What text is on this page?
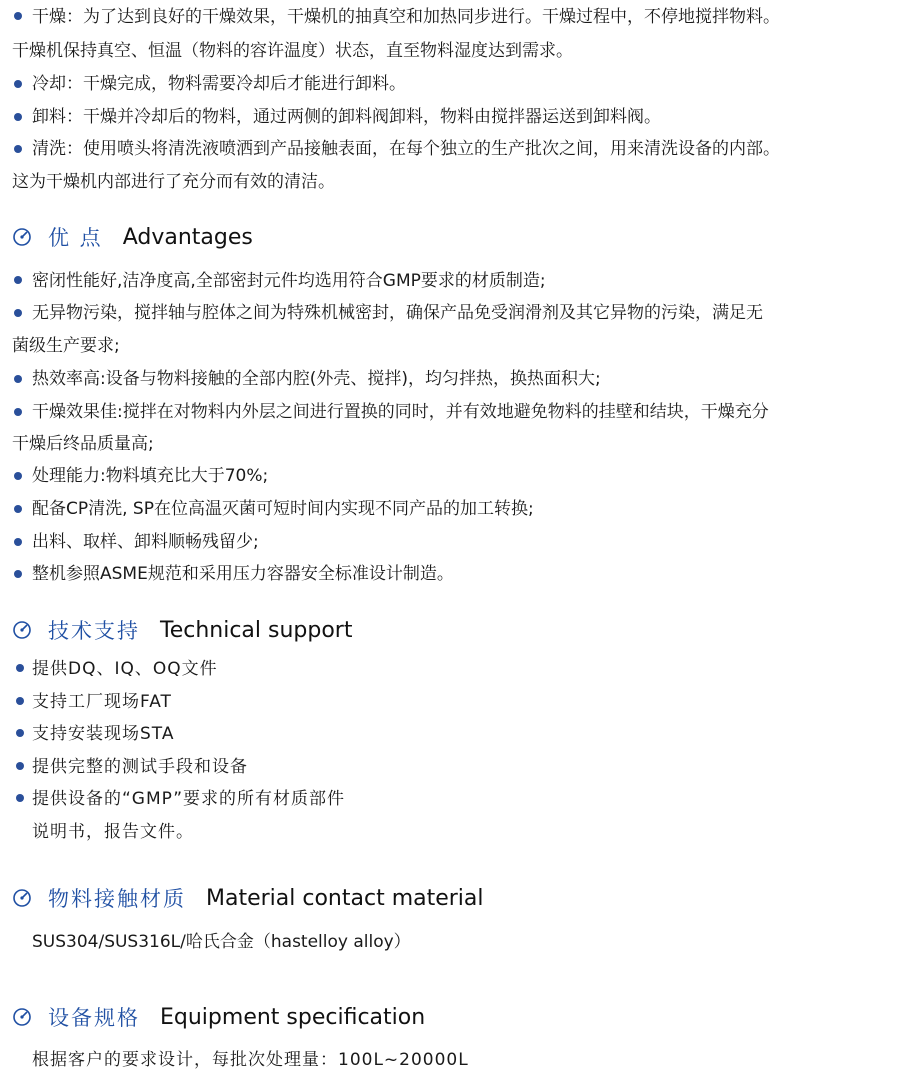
干燥：为了达到良好的干燥效果，干燥机的抽真空和加热同步进行。干燥过程中，不停地搅拌物料。
干燥机保持真空、恒温（物料的容许温度）状态，直至物料湿度达到需求。
冷却：干燥完成，物料需要冷却后才能进行卸料。
卸料：干燥并冷却后的物料，通过两侧的卸料阀卸料，物料由搅拌器运送到卸料阀。
清洗：使用喷头将清洗液喷洒到产品接触表面，在每个独立的生产批次之间，用来清洗设备的内部。
这为干燥机内部进行了充分而有效的清洁。
优 点 Advantages
密闭性能好,洁净度高,全部密封元件均选用符合GMP要求的材质制造;
无异物污染，搅拌轴与腔体之间为特殊机械密封，确保产品免受润滑剂及其它异物的污染，满足无
菌级生产要求;
热效率高:设备与物料接触的全部内腔(外壳、搅拌)，均匀拌热，换热面积大;
干燥效果佳:搅拌在对物料内外层之间进行置换的同时，并有效地避免物料的挂壁和结块，干燥充分
干燥后终品质量高;
处理能力:物料填充比大于70%;
配备CP清洗, SP在位高温灭菌可短时间内实现不同产品的加工转换;
出料、取样、卸料顺畅残留少;
整机参照ASME规范和采用压力容器安全标准设计制造。
技术支持 Technical support
提供DQ、IQ、OQ文件
支持工厂现场FAT
支持安装现场STA
提供完整的测试手段和设备
提供设备的“GMP”要求的所有材质部件
说明书，报告文件。
物料接触材质 Material contact material
SUS304/SUS316L/哈氏合金（hastelloy alloy）
设备规格 Equipment specification
根据客户的要求设计，每批次处理量：100L~20000L
